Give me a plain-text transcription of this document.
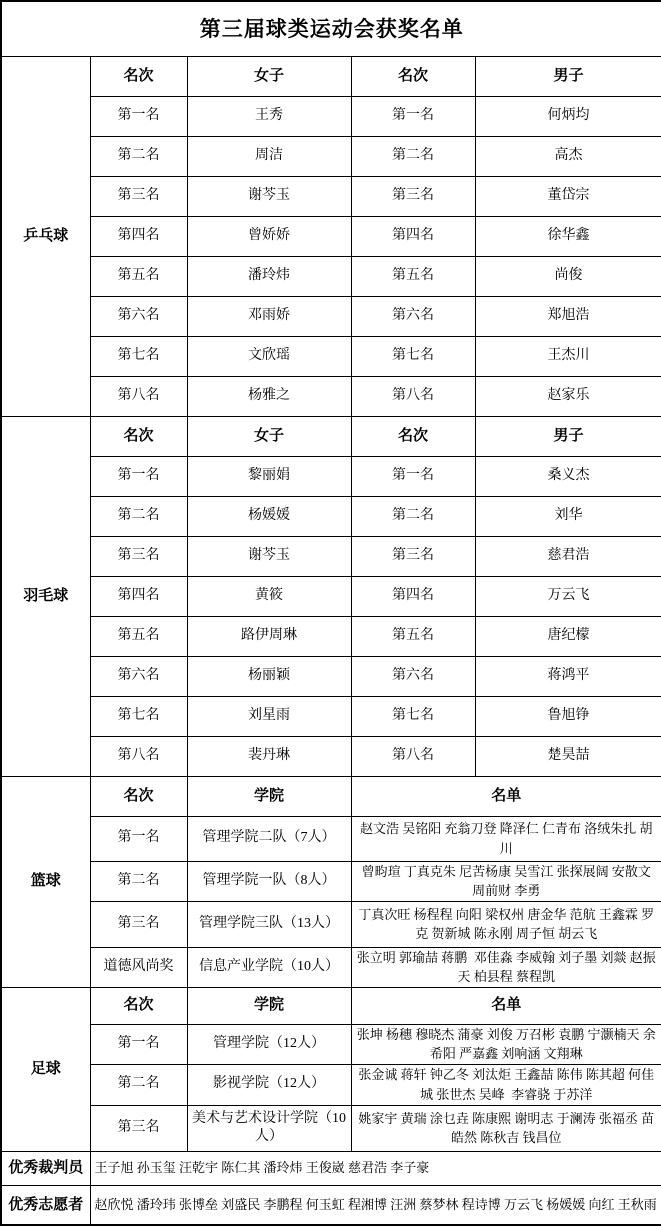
第三届球类运动会获奖名单				
乒乓球	名次	女子	名次	男子
	第一名	王秀	第一名	何炳均
	第二名	周洁	第二名	高杰
	第三名	谢芩玉	第三名	董岱宗
	第四名	曾娇娇	第四名	徐华鑫
	第五名	潘玲炜	第五名	尚俊
	第六名	邓雨娇	第六名	郑旭浩
	第七名	文欣瑶	第七名	王杰川
	第八名	杨雅之	第八名	赵家乐
羽毛球	名次	女子	名次	男子
	第一名	黎丽娟	第一名	桑义杰
	第二名	杨媛媛	第二名	刘华
	第三名	谢芩玉	第三名	慈君浩
	第四名	黄筱	第四名	万云飞
	第五名	路伊周琳	第五名	唐纪檬
	第六名	杨丽颖	第六名	蒋鸿平
	第七名	刘星雨	第七名	鲁旭铮
	第八名	裴丹琳	第八名	楚昊喆
篮球	名次	学院	名单	
	第一名	管理学院二队（7人）	赵文浩 吴铭阳 充翁刀登 降泽仁 仁青布 洛绒朱扎 胡川	
	第二名	管理学院一队（8人）	曾畇瑄 丁真克朱 尼苦杨康 吴雪江 张探展阔 安散文 周前财 李勇	
	第三名	管理学院三队（13人）	丁真次旺 杨程程 向阳 梁权州 唐金华 范航 王鑫霖 罗克 贺新城 陈永刚 周子恒 胡云飞	
	道德风尚奖	信息产业学院（10人）	张立明 郭瑜喆 蒋鹏  邓佳淼 李威翰 刘子墨 刘燚 赵振天 柏县程 蔡程凯	
足球	名次	学院	名单	
	第一名	管理学院（12人）	张坤 杨穗 穆晓杰 蒲豪 刘俊 万召彬 袁鹏 宁灏楠天 余希阳 严嘉鑫 刘响涵 文翔琳	
	第二名	影视学院（12人）	张金诚 蒋轩 钟乙冬 刘汰炬 王鑫喆 陈伟 陈其超 何佳城 张世杰 吴峰  李睿骁 于苏洋	
	第三名	美术与艺术设计学院（10人）	姚家宇 黄瑞 涂乜垚 陈康熙 谢明志 于澜涛 张福丞 苗皓然 陈秋吉 钱昌位	
优秀裁判员	王子旭 孙玉玺 汪乾宇 陈仁其 潘玲炜 王俊崴 慈君浩 李子豪			
优秀志愿者	赵欣悦 潘玲玮 张博垒 刘盛民 李鹏程 何玉虹 程湘博 汪洲 蔡梦林 程诗博 万云飞 杨媛媛 向红 王秋雨			
